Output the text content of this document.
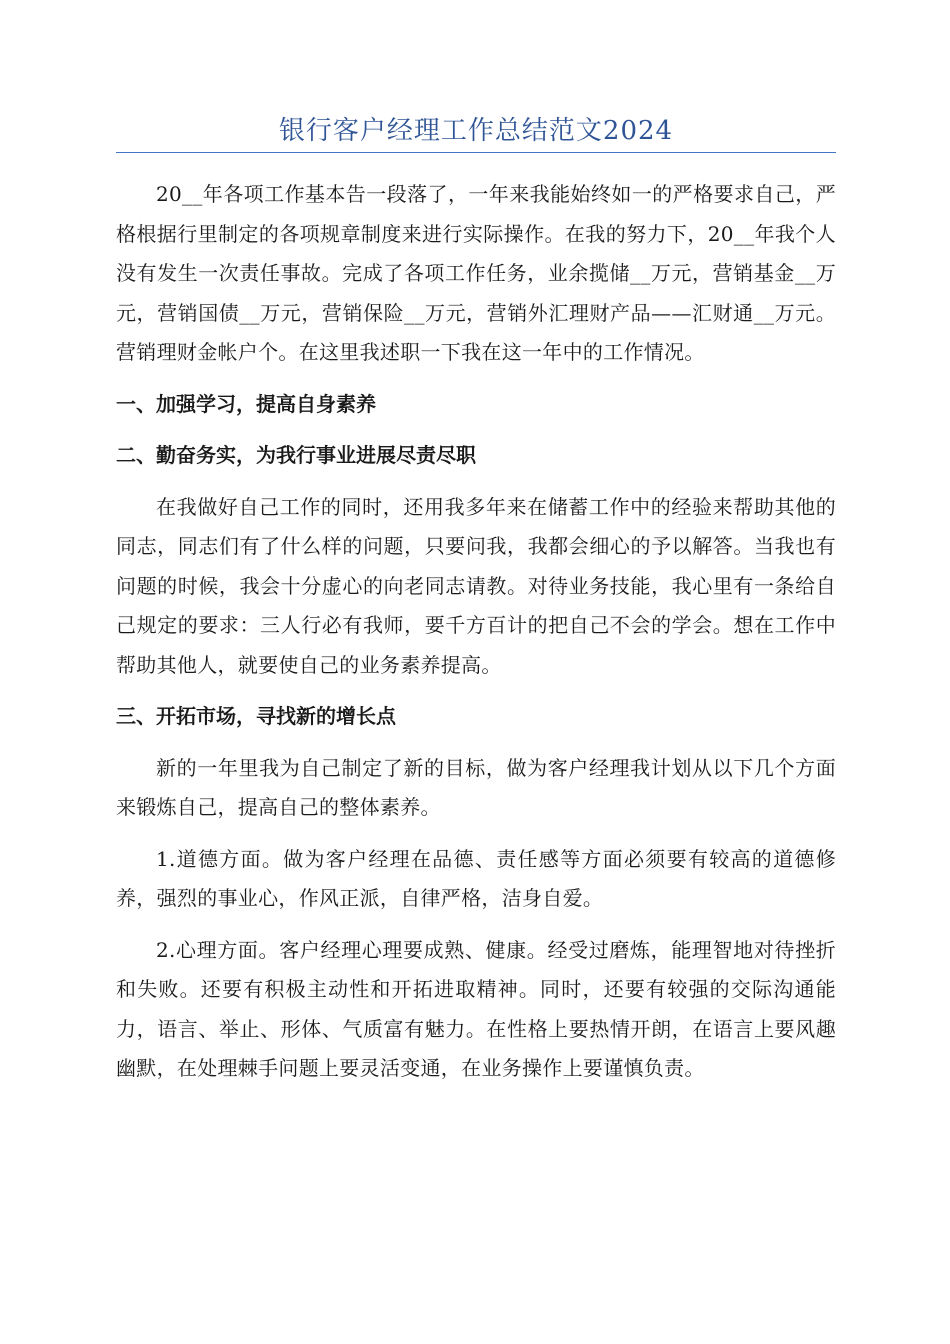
银行客户经理工作总结范文2024

20__年各项工作基本告一段落了，一年来我能始终如一的严格要求自己，严格根据行里制定的各项规章制度来进行实际操作。在我的努力下，20__年我个人没有发生一次责任事故。完成了各项工作任务，业余揽储__万元，营销基金__万元，营销国债__万元，营销保险__万元，营销外汇理财产品——汇财通__万元。营销理财金帐户个。在这里我述职一下我在这一年中的工作情况。

一、加强学习，提高自身素养

二、勤奋务实，为我行事业进展尽责尽职

在我做好自己工作的同时，还用我多年来在储蓄工作中的经验来帮助其他的同志，同志们有了什么样的问题，只要问我，我都会细心的予以解答。当我也有问题的时候，我会十分虚心的向老同志请教。对待业务技能，我心里有一条给自己规定的要求：三人行必有我师，要千方百计的把自己不会的学会。想在工作中帮助其他人，就要使自己的业务素养提高。

三、开拓市场，寻找新的增长点

新的一年里我为自己制定了新的目标，做为客户经理我计划从以下几个方面来锻炼自己，提高自己的整体素养。

1.道德方面。做为客户经理在品德、责任感等方面必须要有较高的道德修养，强烈的事业心，作风正派，自律严格，洁身自爱。

2.心理方面。客户经理心理要成熟、健康。经受过磨炼，能理智地对待挫折和失败。还要有积极主动性和开拓进取精神。同时，还要有较强的交际沟通能力，语言、举止、形体、气质富有魅力。在性格上要热情开朗，在语言上要风趣幽默，在处理棘手问题上要灵活变通，在业务操作上要谨慎负责。
